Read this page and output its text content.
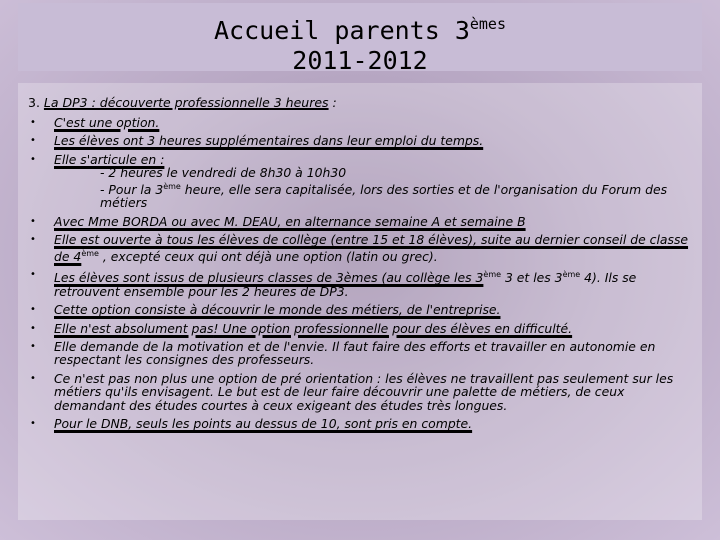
Accueil parents 3èmes
2011-2012
3. La DP3 : découverte professionnelle 3 heures :
• C'est une option.
• Les élèves ont 3 heures supplémentaires dans leur emploi du temps.
• Elle s'articule en :
- 2 heures le vendredi de 8h30 à 10h30
- Pour la 3ème heure, elle sera capitalisée, lors des sorties et de l'organisation du Forum des métiers
• Avec Mme BORDA ou avec M. DEAU, en alternance semaine A et semaine B
• Elle est ouverte à tous les élèves de collège (entre 15 et 18 élèves), suite au dernier conseil de classe de 4ème , excepté ceux qui ont déjà une option (latin ou grec).
• Les élèves sont issus de plusieurs classes de 3èmes (au collège les 3ème 3 et les 3ème 4). Ils se retrouvent ensemble pour les 2 heures de DP3.
• Cette option consiste à découvrir le monde des métiers, de l'entreprise.
• Elle n'est absolument pas! Une option professionnelle pour des élèves en difficulté.
• Elle demande de la motivation et de l'envie. Il faut faire des efforts et travailler en autonomie en respectant les consignes des professeurs.
• Ce n'est pas non plus une option de pré orientation : les élèves ne travaillent pas seulement sur les métiers qu'ils envisagent. Le but est de leur faire découvrir une palette de métiers, de ceux demandant des études courtes à ceux exigeant des études très longues.
• Pour le DNB, seuls les points au dessus de 10, sont pris en compte.
